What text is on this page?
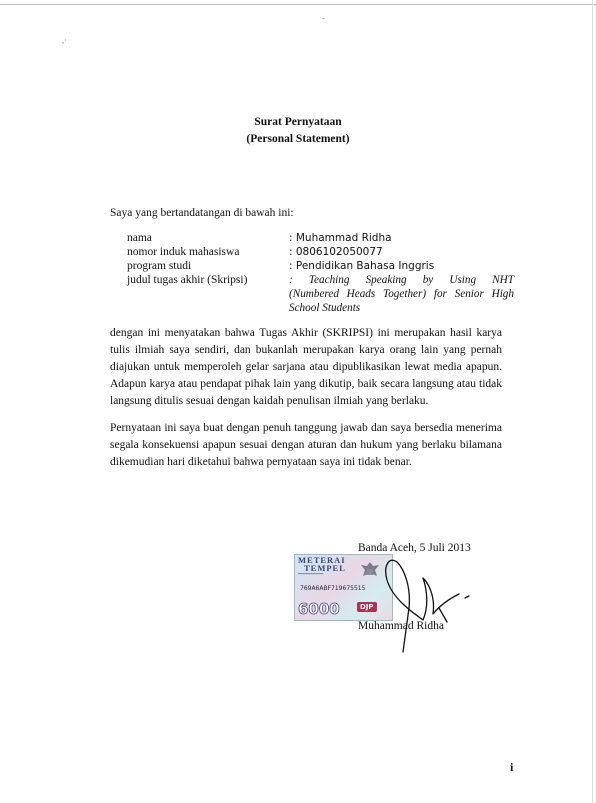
,·
-
Surat Pernyataan
(Personal Statement)
Saya yang bertandatangan di bawah ini:
nama	: Muhammad Ridha
nomor induk mahasiswa	: 0806102050077
program studi	: Pendidikan Bahasa Inggris
judul tugas akhir (Skripsi)	: Teaching Speaking by Using NHT
(Numbered Heads Together) for Senior High
School Students
dengan ini menyatakan bahwa Tugas Akhir (SKRIPSI) ini merupakan hasil karya tulis ilmiah saya sendiri, dan bukanlah merupakan karya orang lain yang pernah diajukan untuk memperoleh gelar sarjana atau dipublikasikan lewat media apapun. Adapun karya atau pendapat pihak lain yang dikutip, baik secara langsung atau tidak langsung ditulis sesuai dengan kaidah penulisan ilmiah yang berlaku.
Pernyataan ini saya buat dengan penuh tanggung jawab dan saya bersedia menerima segala konsekuensi apapun sesuai dengan aturan dan hukum yang berlaku bilamana dikemudian hari diketahui bahwa pernyataan saya ini tidak benar.
Banda Aceh, 5 Juli 2013
METERAI
TEMPEL
━━━━━━━━━━━━
769A6ABF719675515
6000	DJP
Muhammad Ridha
i
